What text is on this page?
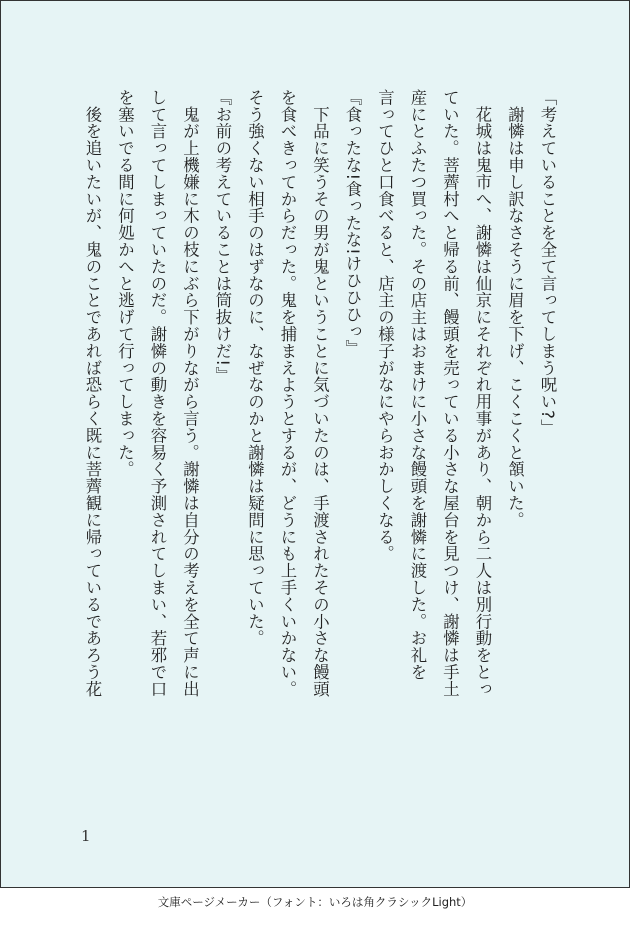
「考えていることを全て言ってしまう呪い?」

　謝憐は申し訳なさそうに眉を下げ、こくこくと頷いた。

　花城は鬼市へ、謝憐は仙京にそれぞれ用事があり、朝から二人は別行動をとっ

ていた。菩薺村へと帰る前、饅頭を売っている小さな屋台を見つけ、謝憐は手土

産にとふたつ買った。その店主はおまけに小さな饅頭を謝憐に渡した。お礼を

言ってひと口食べると、店主の様子がなにやらおかしくなる。

『食ったな!食ったな!けひひひっ』

　下品に笑うその男が鬼ということに気づいたのは、手渡されたその小さな饅頭

を食べきってからだった。鬼を捕まえようとするが、どうにも上手くいかない。

そう強くない相手のはずなのに、なぜなのかと謝憐は疑問に思っていた。

『お前の考えていることは筒抜けだ!』

　鬼が上機嫌に木の枝にぶら下がりながら言う。謝憐は自分の考えを全て声に出

して言ってしまっていたのだ。謝憐の動きを容易く予測されてしまい、若邪で口

を塞いでる間に何処かへと逃げて行ってしまった。

　後を追いたいが、鬼のことであれば恐らく既に菩薺観に帰っているであろう花

1
文庫ページメーカー（フォント：いろは角クラシックLight）
